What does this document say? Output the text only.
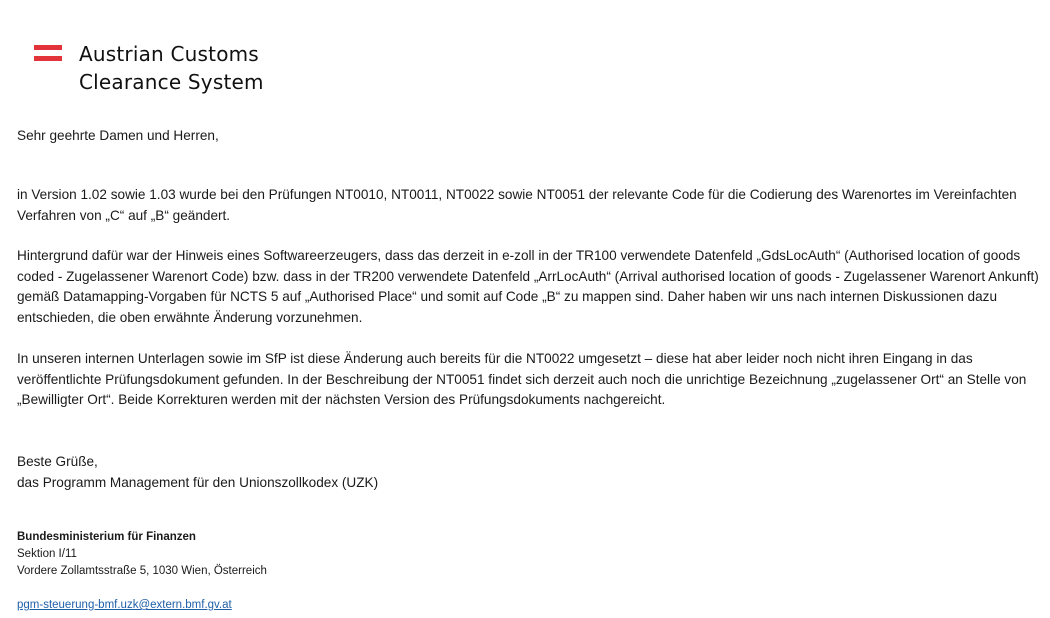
Austrian Customs
Clearance System

Sehr geehrte Damen und Herren,

in Version 1.02 sowie 1.03 wurde bei den Prüfungen NT0010, NT0011, NT0022 sowie NT0051 der relevante Code für die Codierung des Warenortes im Vereinfachten Verfahren von „C“ auf „B“ geändert.

Hintergrund dafür war der Hinweis eines Softwareerzeugers, dass das derzeit in e-zoll in der TR100 verwendete Datenfeld „GdsLocAuth“ (Authorised location of goods coded - Zugelassener Warenort Code) bzw. dass in der TR200 verwendete Datenfeld „ArrLocAuth“ (Arrival authorised location of goods - Zugelassener Warenort Ankunft) gemäß Datamapping-Vorgaben für NCTS 5 auf „Authorised Place“ und somit auf Code „B“ zu mappen sind. Daher haben wir uns nach internen Diskussionen dazu entschieden, die oben erwähnte Änderung vorzunehmen.

In unseren internen Unterlagen sowie im SfP ist diese Änderung auch bereits für die NT0022 umgesetzt – diese hat aber leider noch nicht ihren Eingang in das veröffentlichte Prüfungsdokument gefunden. In der Beschreibung der NT0051 findet sich derzeit auch noch die unrichtige Bezeichnung „zugelassener Ort“ an Stelle von „Bewilligter Ort“. Beide Korrekturen werden mit der nächsten Version des Prüfungsdokuments nachgereicht.

Beste Grüße,
das Programm Management für den Unionszollkodex (UZK)

Bundesministerium für Finanzen
Sektion I/11
Vordere Zollamtsstraße 5, 1030 Wien, Österreich
pgm-steuerung-bmf.uzk@extern.bmf.gv.at
